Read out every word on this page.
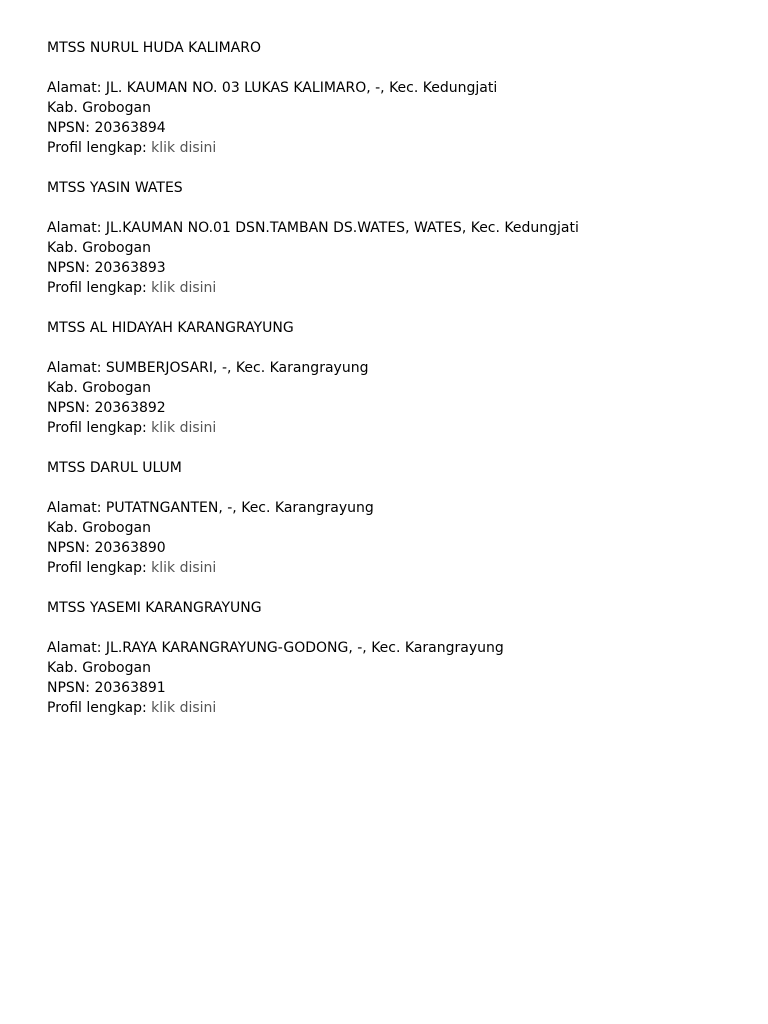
MTSS NURUL HUDA KALIMARO
Alamat: JL. KAUMAN NO. 03 LUKAS KALIMARO, -, Kec. Kedungjati
Kab. Grobogan
NPSN: 20363894
Profil lengkap: klik disini
MTSS YASIN WATES
Alamat: JL.KAUMAN NO.01 DSN.TAMBAN DS.WATES, WATES, Kec. Kedungjati
Kab. Grobogan
NPSN: 20363893
Profil lengkap: klik disini
MTSS AL HIDAYAH KARANGRAYUNG
Alamat: SUMBERJOSARI, -, Kec. Karangrayung
Kab. Grobogan
NPSN: 20363892
Profil lengkap: klik disini
MTSS DARUL ULUM
Alamat: PUTATNGANTEN, -, Kec. Karangrayung
Kab. Grobogan
NPSN: 20363890
Profil lengkap: klik disini
MTSS YASEMI KARANGRAYUNG
Alamat: JL.RAYA KARANGRAYUNG-GODONG, -, Kec. Karangrayung
Kab. Grobogan
NPSN: 20363891
Profil lengkap: klik disini
